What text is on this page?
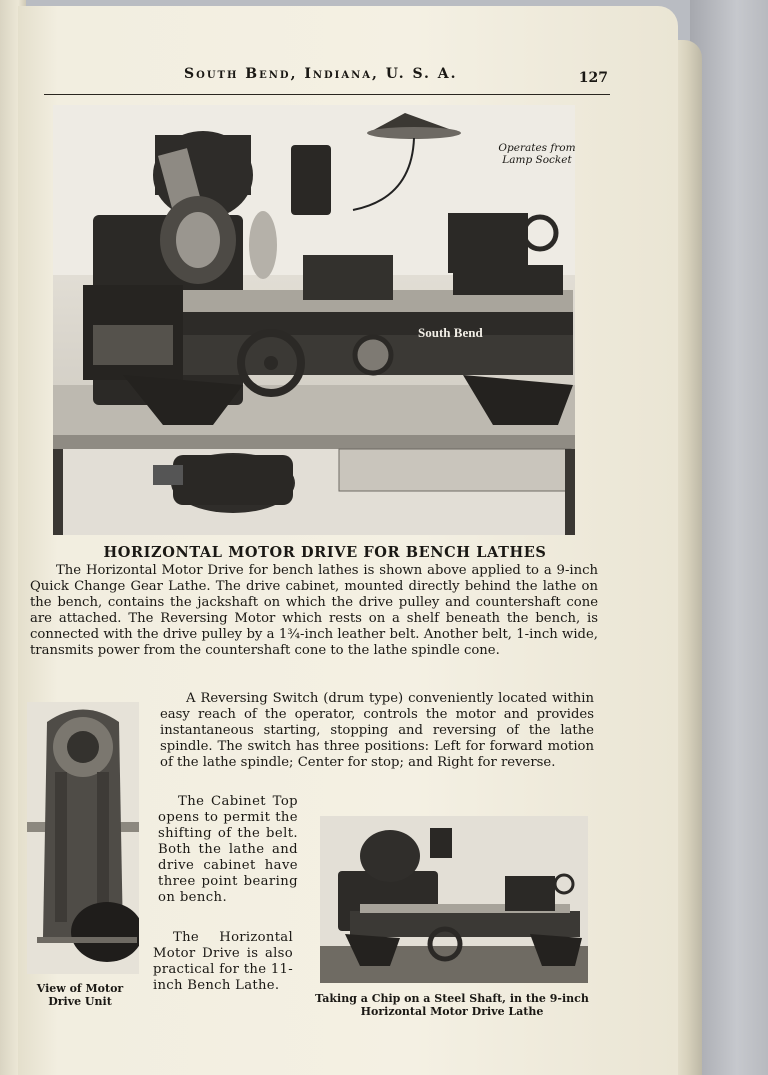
South Bend, Indiana, U. S. A.	127
South Bend
Operates from Lamp Socket
HORIZONTAL MOTOR DRIVE FOR BENCH LATHES
The Horizontal Motor Drive for bench lathes is shown above applied to a 9-inch Quick Change Gear Lathe. The drive cabinet, mounted directly behind the lathe on the bench, contains the jackshaft on which the drive pulley and countershaft cone are attached. The Reversing Motor which rests on a shelf beneath the bench, is connected with the drive pulley by a 1¾-inch leather belt. Another belt, 1-inch wide, transmits power from the countershaft cone to the lathe spindle cone.
A Reversing Switch (drum type) conveniently located within easy reach of the operator, controls the motor and provides instantaneous starting, stopping and reversing of the lathe spindle. The switch has three positions: Left for forward motion of the lathe spindle; Center for stop; and Right for reverse.
The Cabinet Top opens to permit the shifting of the belt. Both the lathe and drive cabinet have three point bearing on bench.
The Horizontal Motor Drive is also practical for the 11-inch Bench Lathe.
View of Motor Drive Unit	Taking a Chip on a Steel Shaft, in the 9-inch Horizontal Motor Drive Lathe
